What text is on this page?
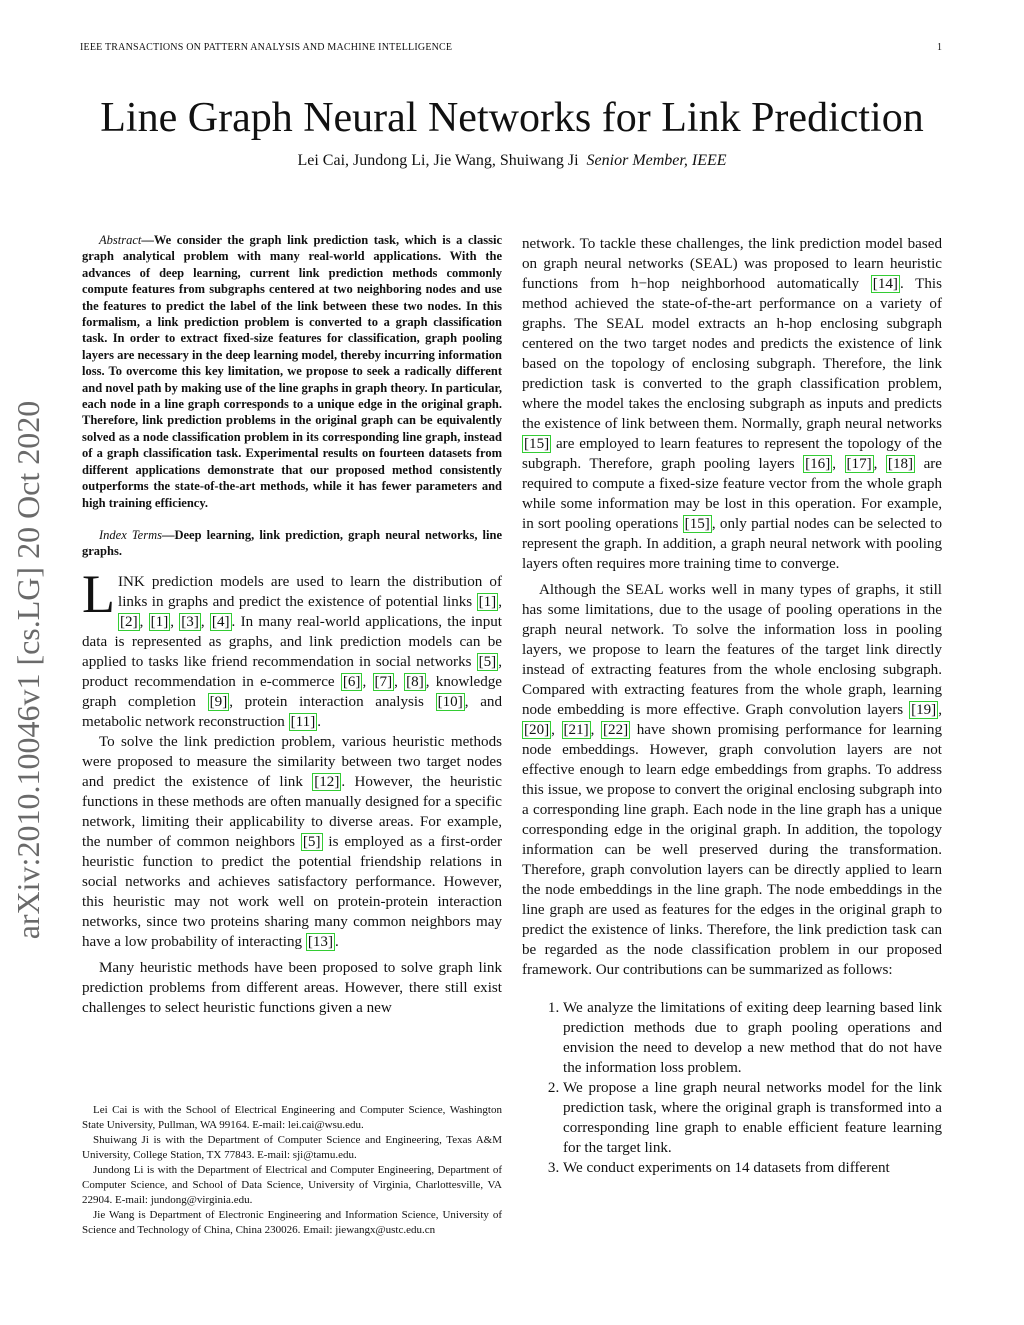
IEEE TRANSACTIONS ON PATTERN ANALYSIS AND MACHINE INTELLIGENCE	1
Line Graph Neural Networks for Link Prediction
Lei Cai, Jundong Li, Jie Wang, Shuiwang Ji Senior Member, IEEE
arXiv:2010.10046v1 [cs.LG] 20 Oct 2020

Abstract—We consider the graph link prediction task, which is a classic graph analytical problem with many real-world applications. With the advances of deep learning, current link prediction methods commonly compute features from subgraphs centered at two neighboring nodes and use the features to predict the label of the link between these two nodes. In this formalism, a link prediction problem is converted to a graph classification task. In order to extract fixed-size features for classification, graph pooling layers are necessary in the deep learning model, thereby incurring information loss. To overcome this key limitation, we propose to seek a radically different and novel path by making use of the line graphs in graph theory. In particular, each node in a line graph corresponds to a unique edge in the original graph. Therefore, link prediction problems in the original graph can be equivalently solved as a node classification problem in its corresponding line graph, instead of a graph classification task. Experimental results on fourteen datasets from different applications demonstrate that our proposed method consistently outperforms the state-of-the-art methods, while it has fewer parameters and high training efficiency.

Index Terms—Deep learning, link prediction, graph neural networks, line graphs.

LINK prediction models are used to learn the distribution of links in graphs and predict the existence of potential links [1] , [2] , [1] , [3] , [4] . In many real-world applications, the input data is represented as graphs, and link prediction models can be applied to tasks like friend recommendation in social networks [5] , product recommendation in e-commerce [6] , [7] , [8] , knowledge graph completion [9] , protein interaction analysis [10] , and metabolic network reconstruction [11] .

To solve the link prediction problem, various heuristic methods were proposed to measure the similarity between two target nodes and predict the existence of link [12] . However, the heuristic functions in these methods are often manually designed for a specific network, limiting their applicability to diverse areas. For example, the number of common neighbors [5] is employed as a first-order heuristic function to predict the potential friendship relations in social networks and achieves satisfactory performance. However, this heuristic may not work well on protein-protein interaction networks, since two proteins sharing many common neighbors may have a low probability of interacting [13] .

Many heuristic methods have been proposed to solve graph link prediction problems from different areas. However, there still exist challenges to select heuristic functions given a new

Lei Cai is with the School of Electrical Engineering and Computer Science, Washington State University, Pullman, WA 99164. E-mail: lei.cai@wsu.edu.

Shuiwang Ji is with the Department of Computer Science and Engineering, Texas A&M University, College Station, TX 77843. E-mail: sji@tamu.edu.

Jundong Li is with the Department of Electrical and Computer Engineering, Department of Computer Science, and School of Data Science, University of Virginia, Charlottesville, VA 22904. E-mail: jundong@virginia.edu.

Jie Wang is Department of Electronic Engineering and Information Science, University of Science and Technology of China, China 230026. Email: jiewangx@ustc.edu.cn

network. To tackle these challenges, the link prediction model based on graph neural networks (SEAL) was proposed to learn heuristic functions from h−hop neighborhood automatically [14] . This method achieved the state-of-the-art performance on a variety of graphs. The SEAL model extracts an h-hop enclosing subgraph centered on the two target nodes and predicts the existence of link based on the topology of enclosing subgraph. Therefore, the link prediction task is converted to the graph classification problem, where the model takes the enclosing subgraph as inputs and predicts the existence of link between them. Normally, graph neural networks [15] are employed to learn features to represent the topology of the subgraph. Therefore, graph pooling layers [16] , [17] , [18] are required to compute a fixed-size feature vector from the whole graph while some information may be lost in this operation. For example, in sort pooling operations [15] , only partial nodes can be selected to represent the graph. In addition, a graph neural network with pooling layers often requires more training time to converge.

Although the SEAL works well in many types of graphs, it still has some limitations, due to the usage of pooling operations in the graph neural network. To solve the information loss in pooling layers, we propose to learn the features of the target link directly instead of extracting features from the whole enclosing subgraph. Compared with extracting features from the whole graph, learning node embedding is more effective. Graph convolution layers [19] , [20] , [21] , [22] have shown promising performance for learning node embeddings. However, graph convolution layers are not effective enough to learn edge embeddings from graphs. To address this issue, we propose to convert the original enclosing subgraph into a corresponding line graph. Each node in the line graph has a unique corresponding edge in the original graph. In addition, the topology information can be well preserved during the transformation. Therefore, graph convolution layers can be directly applied to learn the node embeddings in the line graph. The node embeddings in the line graph are used as features for the edges in the original graph to predict the existence of links. Therefore, the link prediction task can be regarded as the node classification problem in our proposed framework. Our contributions can be summarized as follows:

1. We analyze the limitations of exiting deep learning based link prediction methods due to graph pooling operations and envision the need to develop a new method that do not have the information loss problem.
2. We propose a line graph neural networks model for the link prediction task, where the original graph is transformed into a corresponding line graph to enable efficient feature learning for the target link.
3. We conduct experiments on 14 datasets from different
